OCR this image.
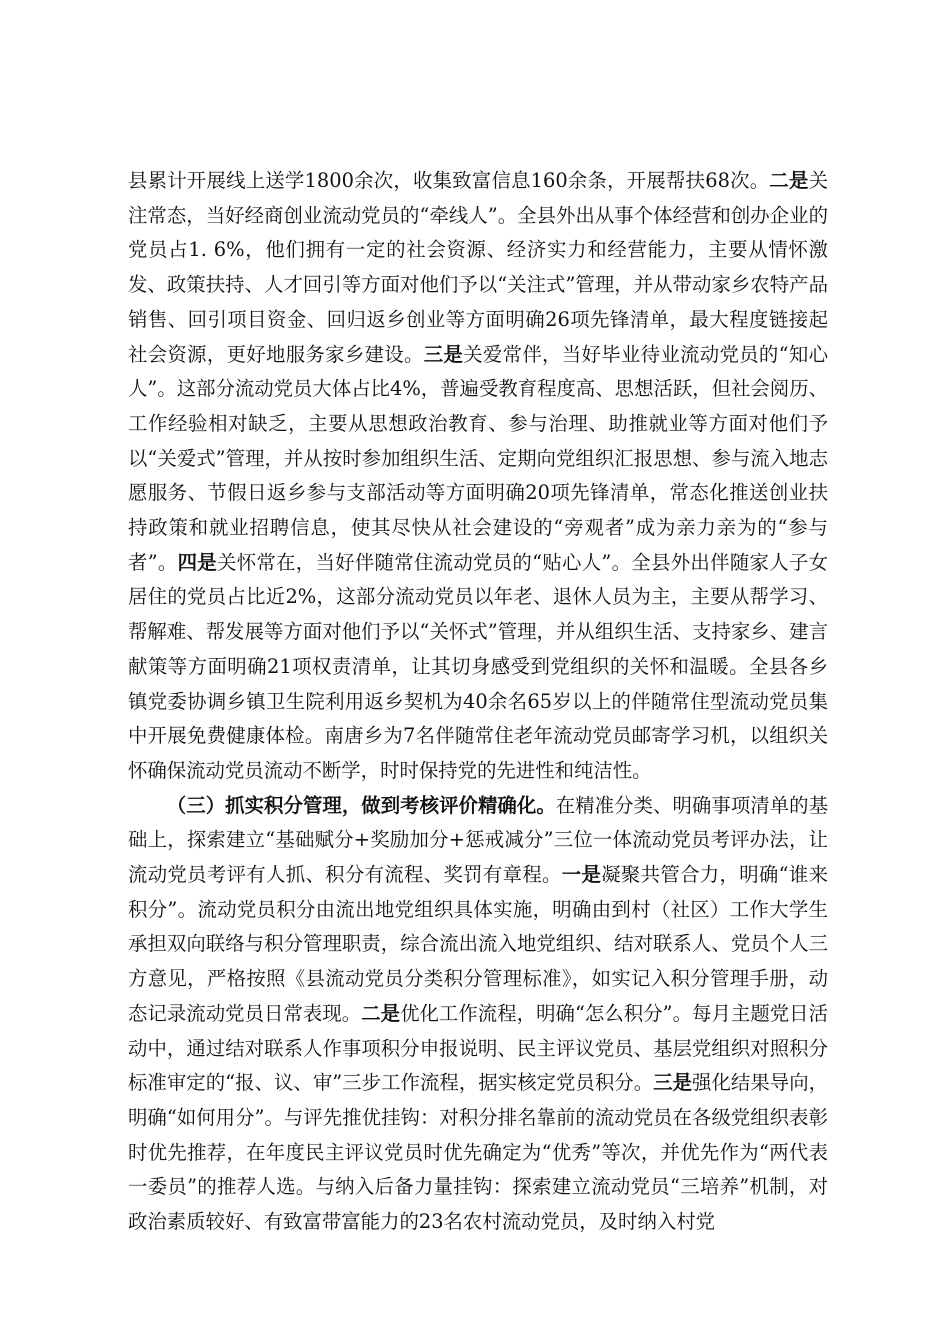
县累计开展线上送学1800余次，收集致富信息160余条，开展帮扶68次。二是关注常态，当好经商创业流动党员的“牵线人”。全县外出从事个体经营和创办企业的党员占1. 6%，他们拥有一定的社会资源、经济实力和经营能力，主要从情怀激发、政策扶持、人才回引等方面对他们予以“关注式”管理，并从带动家乡农特产品销售、回引项目资金、回归返乡创业等方面明确26项先锋清单，最大程度链接起社会资源，更好地服务家乡建设。三是关爱常伴，当好毕业待业流动党员的“知心人”。这部分流动党员大体占比4%，普遍受教育程度高、思想活跃，但社会阅历、工作经验相对缺乏，主要从思想政治教育、参与治理、助推就业等方面对他们予以“关爱式”管理，并从按时参加组织生活、定期向党组织汇报思想、参与流入地志愿服务、节假日返乡参与支部活动等方面明确20项先锋清单，常态化推送创业扶持政策和就业招聘信息，使其尽快从社会建设的“旁观者”成为亲力亲为的“参与者”。四是关怀常在，当好伴随常住流动党员的“贴心人”。全县外出伴随家人子女居住的党员占比近2%，这部分流动党员以年老、退休人员为主，主要从帮学习、帮解难、帮发展等方面对他们予以“关怀式”管理，并从组织生活、支持家乡、建言献策等方面明确21项权责清单，让其切身感受到党组织的关怀和温暖。全县各乡镇党委协调乡镇卫生院利用返乡契机为40余名65岁以上的伴随常住型流动党员集中开展免费健康体检。南唐乡为7名伴随常住老年流动党员邮寄学习机，以组织关怀确保流动党员流动不断学，时时保持党的先进性和纯洁性。

（三）抓实积分管理，做到考核评价精确化。在精准分类、明确事项清单的基础上，探索建立“基础赋分+奖励加分+惩戒减分”三位一体流动党员考评办法，让流动党员考评有人抓、积分有流程、奖罚有章程。一是凝聚共管合力，明确“谁来积分”。流动党员积分由流出地党组织具体实施，明确由到村（社区）工作大学生承担双向联络与积分管理职责，综合流出流入地党组织、结对联系人、党员个人三方意见，严格按照《县流动党员分类积分管理标准》，如实记入积分管理手册，动态记录流动党员日常表现。二是优化工作流程，明确“怎么积分”。每月主题党日活动中，通过结对联系人作事项积分申报说明、民主评议党员、基层党组织对照积分标准审定的“报、议、审”三步工作流程，据实核定党员积分。三是强化结果导向，明确“如何用分”。与评先推优挂钩：对积分排名靠前的流动党员在各级党组织表彰时优先推荐，在年度民主评议党员时优先确定为“优秀”等次，并优先作为“两代表一委员”的推荐人选。与纳入后备力量挂钩：探索建立流动党员“三培养”机制，对政治素质较好、有致富带富能力的23名农村流动党员，及时纳入村党
